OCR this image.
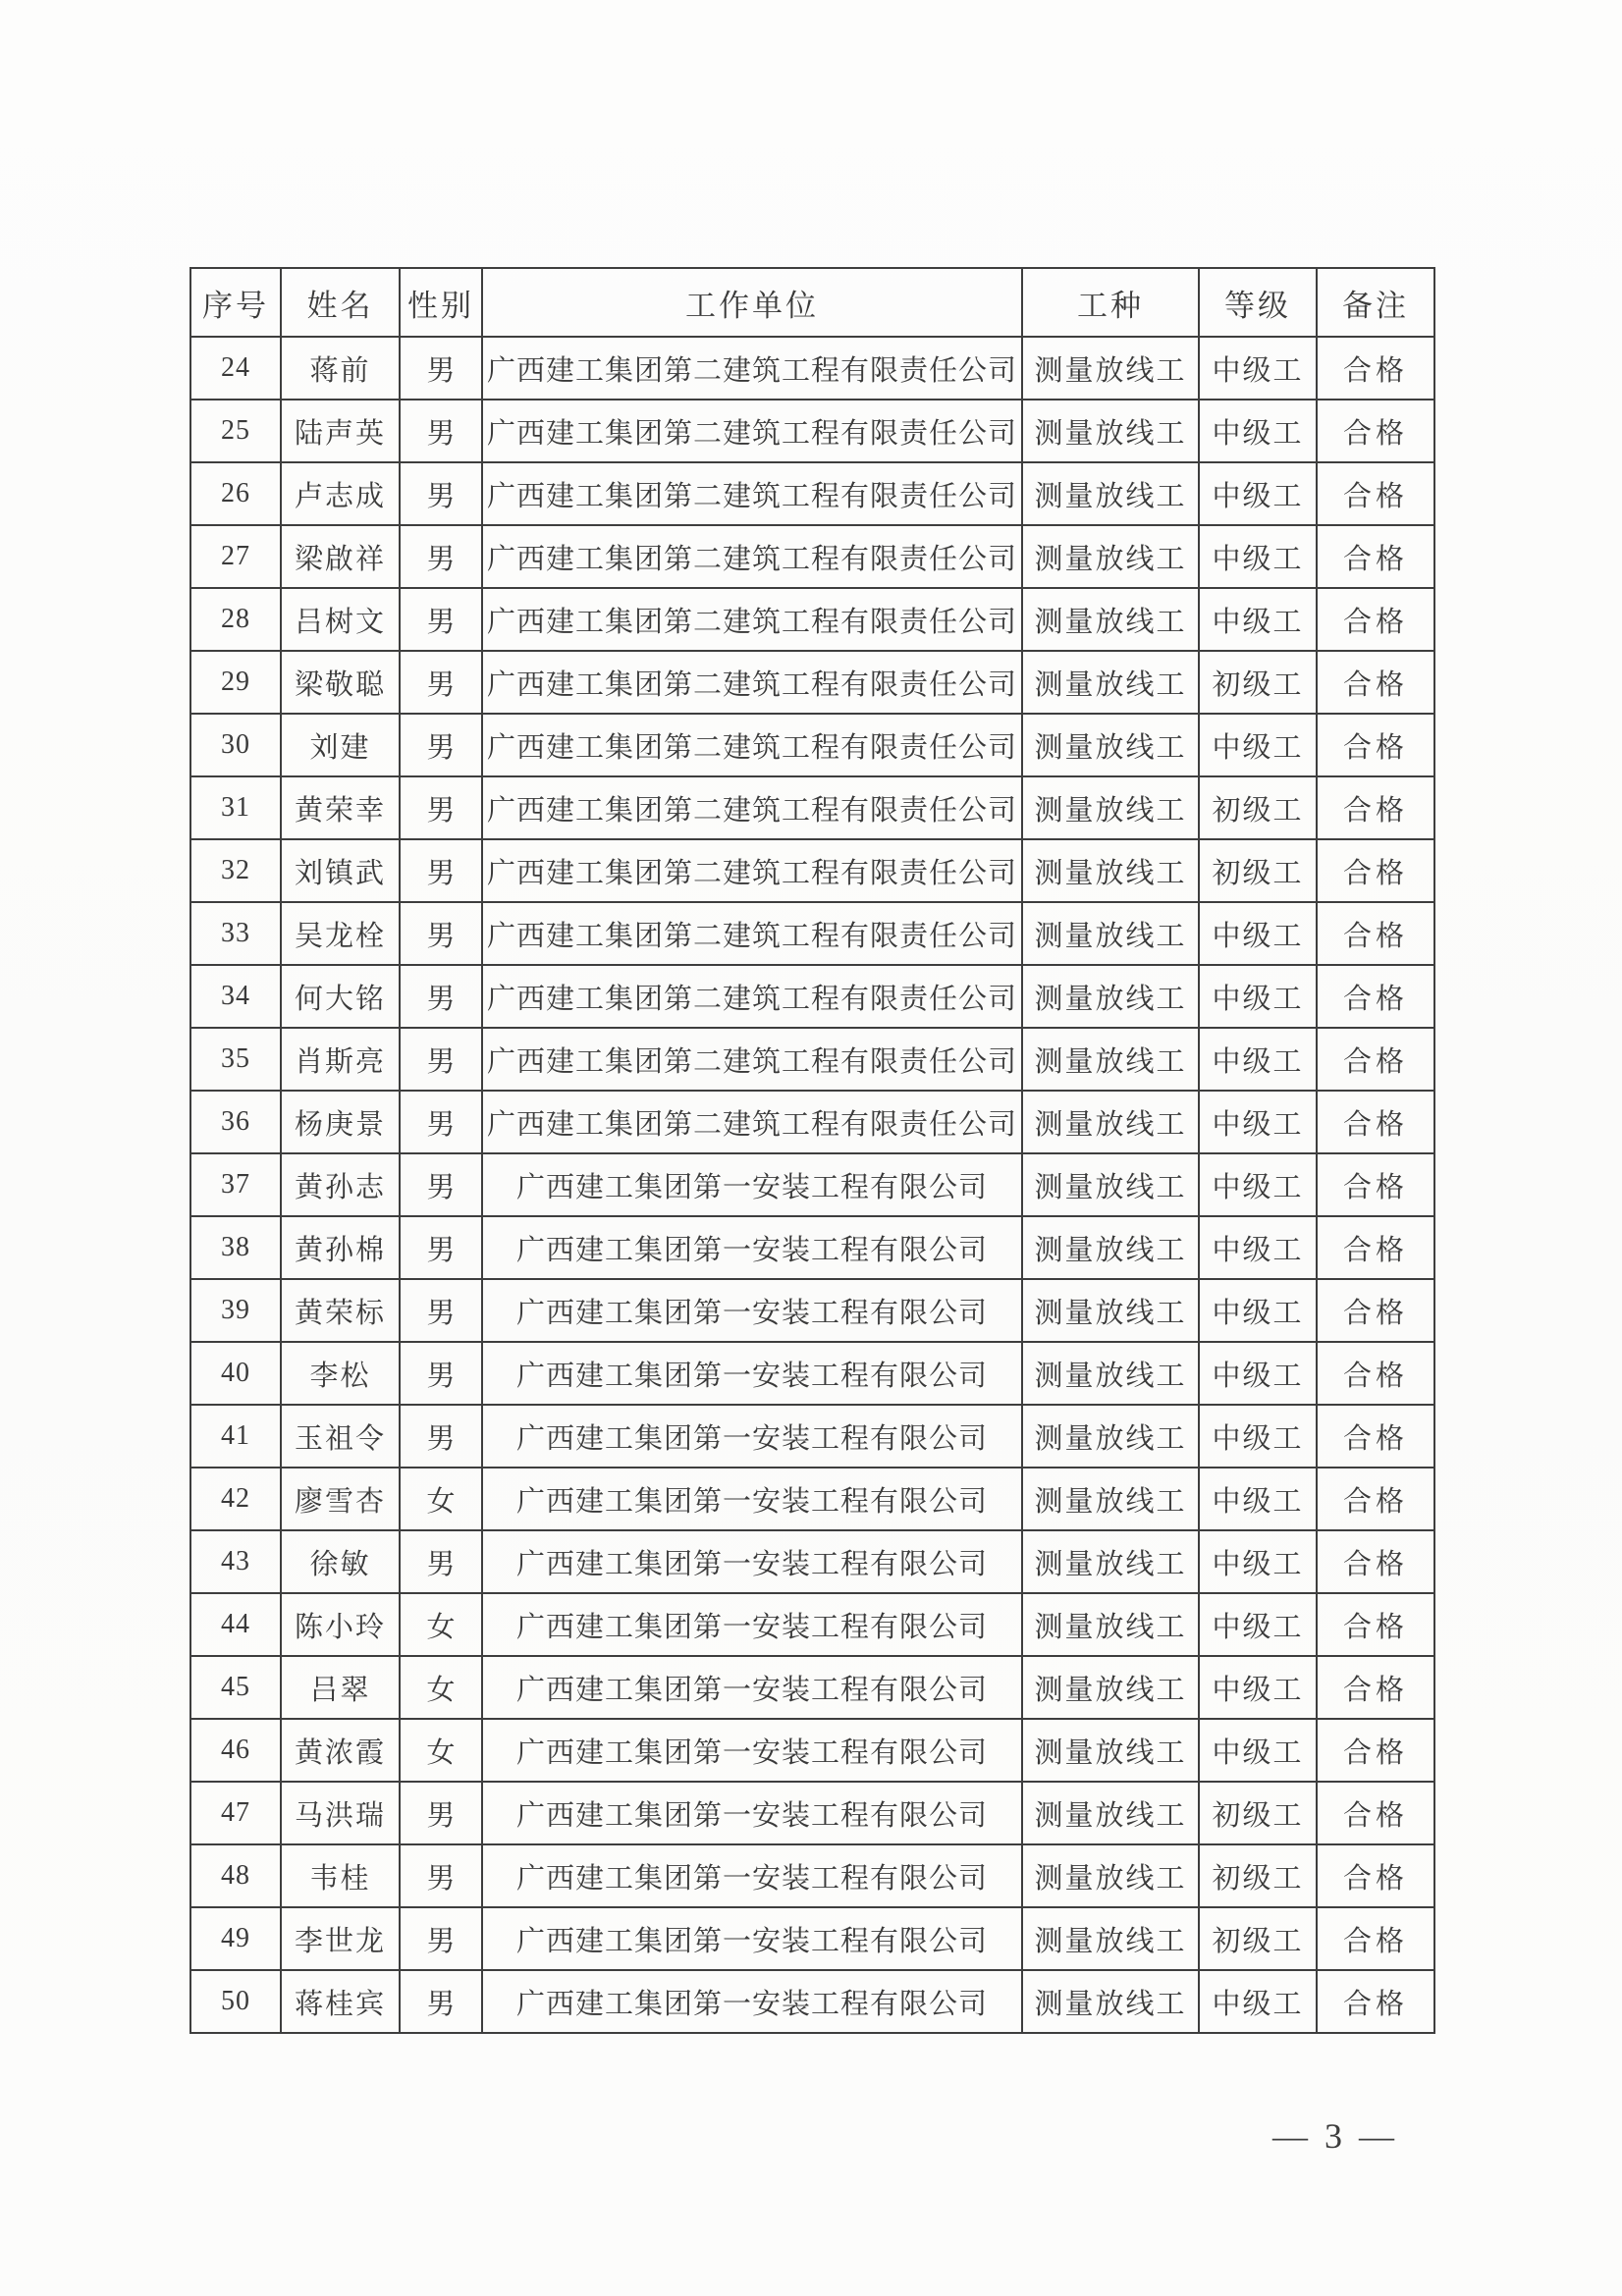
序号	姓名	性别	工作单位	工种	等级	备注
24	蒋前	男	广西建工集团第二建筑工程有限责任公司	测量放线工	中级工	合格
25	陆声英	男	广西建工集团第二建筑工程有限责任公司	测量放线工	中级工	合格
26	卢志成	男	广西建工集团第二建筑工程有限责任公司	测量放线工	中级工	合格
27	梁啟祥	男	广西建工集团第二建筑工程有限责任公司	测量放线工	中级工	合格
28	吕树文	男	广西建工集团第二建筑工程有限责任公司	测量放线工	中级工	合格
29	梁敬聪	男	广西建工集团第二建筑工程有限责任公司	测量放线工	初级工	合格
30	刘建	男	广西建工集团第二建筑工程有限责任公司	测量放线工	中级工	合格
31	黄荣幸	男	广西建工集团第二建筑工程有限责任公司	测量放线工	初级工	合格
32	刘镇武	男	广西建工集团第二建筑工程有限责任公司	测量放线工	初级工	合格
33	吴龙栓	男	广西建工集团第二建筑工程有限责任公司	测量放线工	中级工	合格
34	何大铭	男	广西建工集团第二建筑工程有限责任公司	测量放线工	中级工	合格
35	肖斯亮	男	广西建工集团第二建筑工程有限责任公司	测量放线工	中级工	合格
36	杨庚景	男	广西建工集团第二建筑工程有限责任公司	测量放线工	中级工	合格
37	黄孙志	男	广西建工集团第一安装工程有限公司	测量放线工	中级工	合格
38	黄孙棉	男	广西建工集团第一安装工程有限公司	测量放线工	中级工	合格
39	黄荣标	男	广西建工集团第一安装工程有限公司	测量放线工	中级工	合格
40	李松	男	广西建工集团第一安装工程有限公司	测量放线工	中级工	合格
41	玉祖令	男	广西建工集团第一安装工程有限公司	测量放线工	中级工	合格
42	廖雪杏	女	广西建工集团第一安装工程有限公司	测量放线工	中级工	合格
43	徐敏	男	广西建工集团第一安装工程有限公司	测量放线工	中级工	合格
44	陈小玲	女	广西建工集团第一安装工程有限公司	测量放线工	中级工	合格
45	吕翠	女	广西建工集团第一安装工程有限公司	测量放线工	中级工	合格
46	黄浓霞	女	广西建工集团第一安装工程有限公司	测量放线工	中级工	合格
47	马洪瑞	男	广西建工集团第一安装工程有限公司	测量放线工	初级工	合格
48	韦桂	男	广西建工集团第一安装工程有限公司	测量放线工	初级工	合格
49	李世龙	男	广西建工集团第一安装工程有限公司	测量放线工	初级工	合格
50	蒋桂宾	男	广西建工集团第一安装工程有限公司	测量放线工	中级工	合格
— 3 —
